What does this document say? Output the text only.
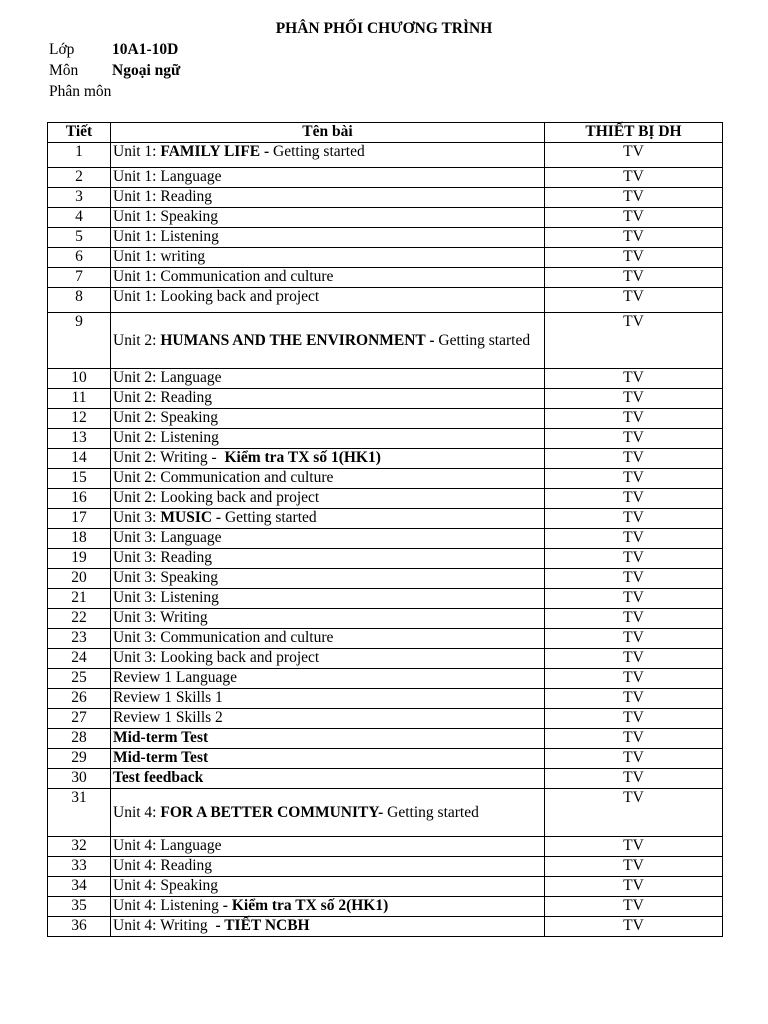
PHÂN PHỐI CHƯƠNG TRÌNH
Lớp 10A1-10D
Môn Ngoại ngữ
Phân môn
Tiết	Tên bài	THIẾT BỊ DH
1	Unit 1: FAMILY LIFE - Getting started	TV
2	Unit 1: Language	TV
3	Unit 1: Reading	TV
4	Unit 1: Speaking	TV
5	Unit 1: Listening	TV
6	Unit 1: writing	TV
7	Unit 1: Communication and culture	TV
8	Unit 1: Looking back and project	TV
9	Unit 2: HUMANS AND THE ENVIRONMENT - Getting started	TV
10	Unit 2: Language	TV
11	Unit 2: Reading	TV
12	Unit 2: Speaking	TV
13	Unit 2: Listening	TV
14	Unit 2: Writing -  Kiểm tra TX số 1(HK1)	TV
15	Unit 2: Communication and culture	TV
16	Unit 2: Looking back and project	TV
17	Unit 3: MUSIC - Getting started	TV
18	Unit 3: Language	TV
19	Unit 3: Reading	TV
20	Unit 3: Speaking	TV
21	Unit 3: Listening	TV
22	Unit 3: Writing	TV
23	Unit 3: Communication and culture	TV
24	Unit 3: Looking back and project	TV
25	Review 1 Language	TV
26	Review 1 Skills 1	TV
27	Review 1 Skills 2	TV
28	Mid-term Test	TV
29	Mid-term Test	TV
30	Test feedback	TV
31	Unit 4: FOR A BETTER COMMUNITY- Getting started	TV
32	Unit 4: Language	TV
33	Unit 4: Reading	TV
34	Unit 4: Speaking	TV
35	Unit 4: Listening - Kiểm tra TX số 2(HK1)	TV
36	Unit 4: Writing  - TIẾT NCBH	TV
